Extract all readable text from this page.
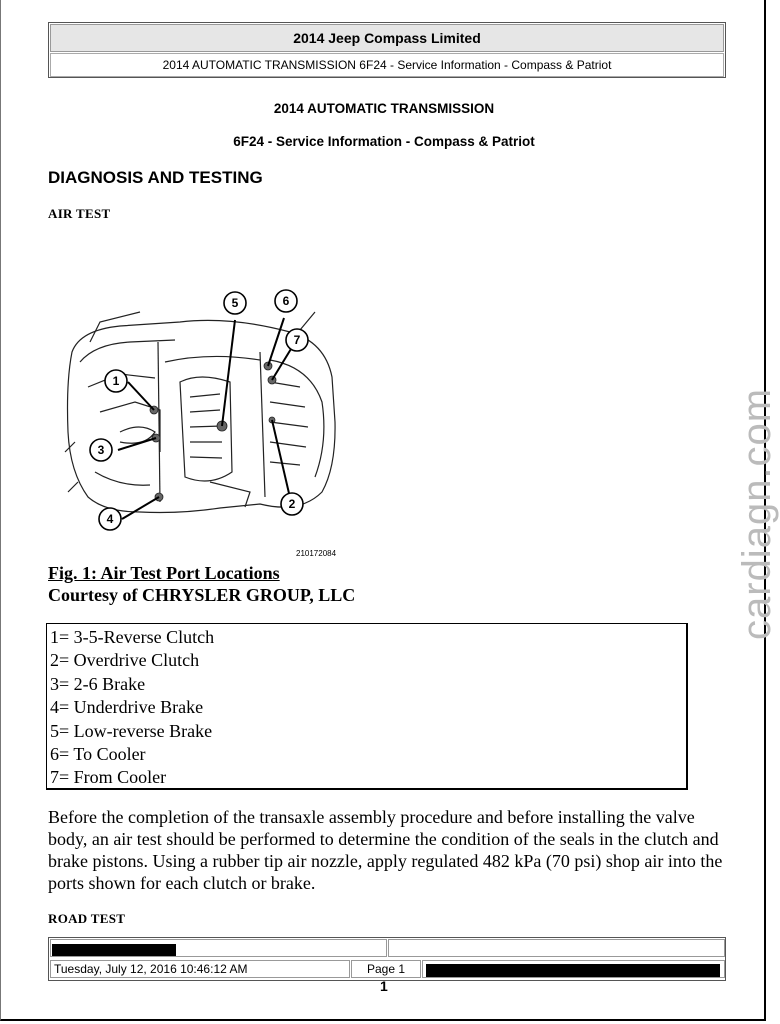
2014 Jeep Compass Limited
2014 AUTOMATIC TRANSMISSION 6F24 - Service Information - Compass & Patriot
2014 AUTOMATIC TRANSMISSION
6F24 - Service Information - Compass & Patriot
DIAGNOSIS AND TESTING
AIR TEST
1
2
3
4
5	6
7
210172084
Fig. 1: Air Test Port Locations
Courtesy of CHRYSLER GROUP, LLC
1= 3-5-Reverse Clutch
2= Overdrive Clutch
3= 2-6 Brake
4= Underdrive Brake
5= Low-reverse Brake
6= To Cooler
7= From Cooler
Before the completion of the transaxle assembly procedure and before installing the valve body, an air test should be performed to determine the condition of the seals in the clutch and brake pistons. Using a rubber tip air nozzle, apply regulated 482 kPa (70 psi) shop air into the ports shown for each clutch or brake.
ROAD TEST
Tuesday, July 12, 2016 10:46:12 AM	Page 1
1
cardiagn.com
